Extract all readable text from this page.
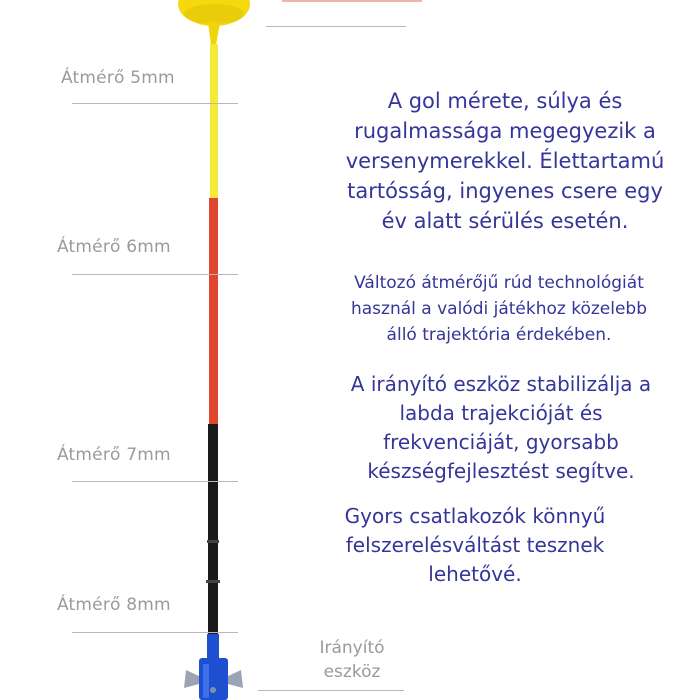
Átmérő 5mm
Átmérő 6mm
Átmérő 7mm
Átmérő 8mm
Irányító
eszköz
A gol mérete, súlya és
rugalmassága megegyezik a
versenymerekkel. Élettartamú
tartósság, ingyenes csere egy
év alatt sérülés esetén.
Változó átmérőjű rúd technológiát
használ a valódi játékhoz közelebb
álló trajektória érdekében.
A irányító eszköz stabilizálja a
labda trajekcióját és
frekvenciáját, gyorsabb
készségfejlesztést segítve.
Gyors csatlakozók könnyű
felszerelésváltást tesznek
lehetővé.
